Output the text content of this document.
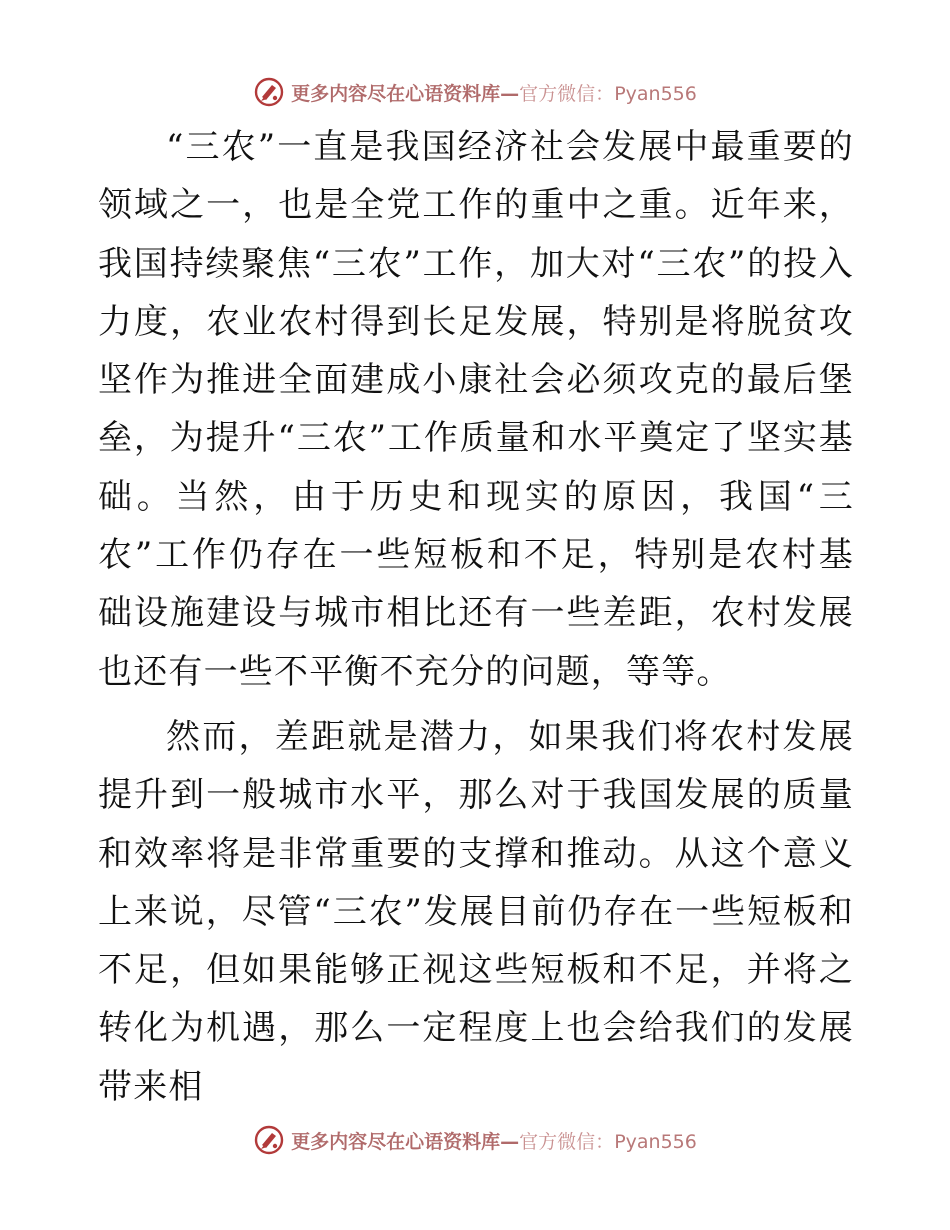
更多内容尽在心语资料库—官方微信：Pyan556

“三农”一直是我国经济社会发展中最重要的领域之一，也是全党工作的重中之重。近年来，我国持续聚焦“三农”工作，加大对“三农”的投入力度，农业农村得到长足发展，特别是将脱贫攻坚作为推进全面建成小康社会必须攻克的最后堡垒，为提升“三农”工作质量和水平奠定了坚实基础。当然，由于历史和现实的原因，我国“三农”工作仍存在一些短板和不足，特别是农村基础设施建设与城市相比还有一些差距，农村发展也还有一些不平衡不充分的问题，等等。

然而，差距就是潜力，如果我们将农村发展提升到一般城市水平，那么对于我国发展的质量和效率将是非常重要的支撑和推动。从这个意义上来说，尽管“三农”发展目前仍存在一些短板和不足，但如果能够正视这些短板和不足，并将之转化为机遇，那么一定程度上也会给我们的发展带来相

更多内容尽在心语资料库—官方微信：Pyan556
